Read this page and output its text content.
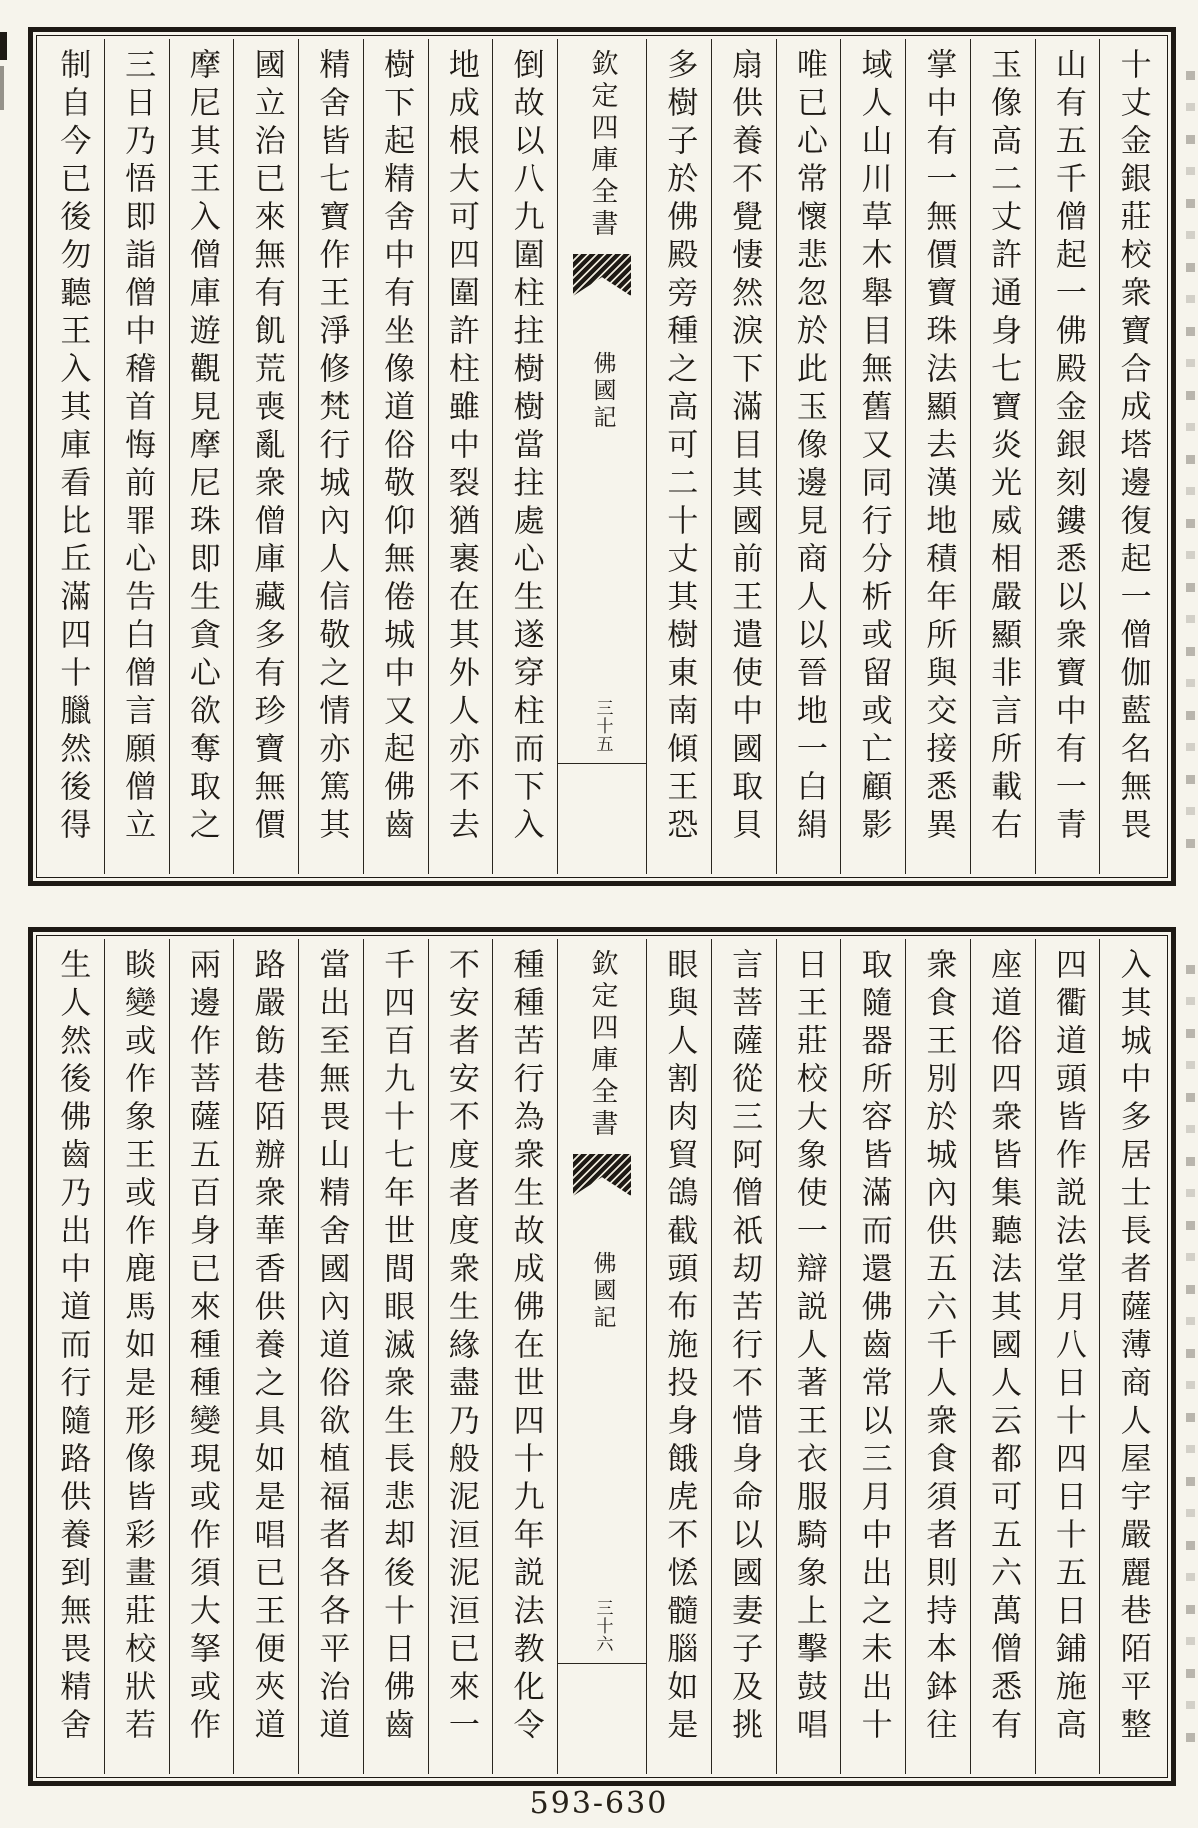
十丈金銀莊校衆寶合成塔邊復起一僧伽藍名無畏
山有五千僧起一佛殿金銀刻鏤悉以衆寶中有一青
玉像高二丈許通身七寶炎光威相嚴顯非言所載右
掌中有一無價寶珠法顯去漢地積年所與交接悉異
域人山川草木舉目無舊又同行分析或留或亡顧影
唯已心常懷悲忽於此玉像邊見商人以晉地一白絹
扇供養不覺悽然淚下滿目其國前王遣使中國取貝
多樹子於佛殿旁種之高可二十丈其樹東南傾王恐
欽定四庫全書
佛國記
三十五
倒故以八九圍柱拄樹樹當拄處心生遂穿柱而下入
地成根大可四圍許柱雖中裂猶裹在其外人亦不去
樹下起精舍中有坐像道俗敬仰無倦城中又起佛齒
精舍皆七寶作王淨修梵行城內人信敬之情亦篤其
國立治已來無有飢荒喪亂衆僧庫藏多有珍寶無價
摩尼其王入僧庫遊觀見摩尼珠即生貪心欲奪取之
三日乃悟即詣僧中稽首悔前罪心告白僧言願僧立
制自今已後勿聽王入其庫看比丘滿四十臘然後得
入其城中多居士長者薩薄商人屋宇嚴麗巷陌平整
四衢道頭皆作説法堂月八日十四日十五日鋪施高
座道俗四衆皆集聽法其國人云都可五六萬僧悉有
衆食王別於城內供五六千人衆食須者則持本鉢往
取隨器所容皆滿而還佛齒常以三月中出之未出十
日王莊校大象使一辯説人著王衣服騎象上擊鼓唱
言菩薩從三阿僧祇刧苦行不惜身命以國妻子及挑
眼與人割肉貿鴿截頭布施投身餓虎不恡髓腦如是
欽定四庫全書
佛國記
三十六
種種苦行為衆生故成佛在世四十九年説法教化令
不安者安不度者度衆生緣盡乃般泥洹泥洹已來一
千四百九十七年世間眼滅衆生長悲却後十日佛齒
當出至無畏山精舍國內道俗欲植福者各各平治道
路嚴飭巷陌辦衆華香供養之具如是唱已王便夾道
兩邊作菩薩五百身已來種種變現或作須大拏或作
睒變或作象王或作鹿馬如是形像皆彩畫莊校狀若
生人然後佛齒乃出中道而行隨路供養到無畏精舍
593-630
